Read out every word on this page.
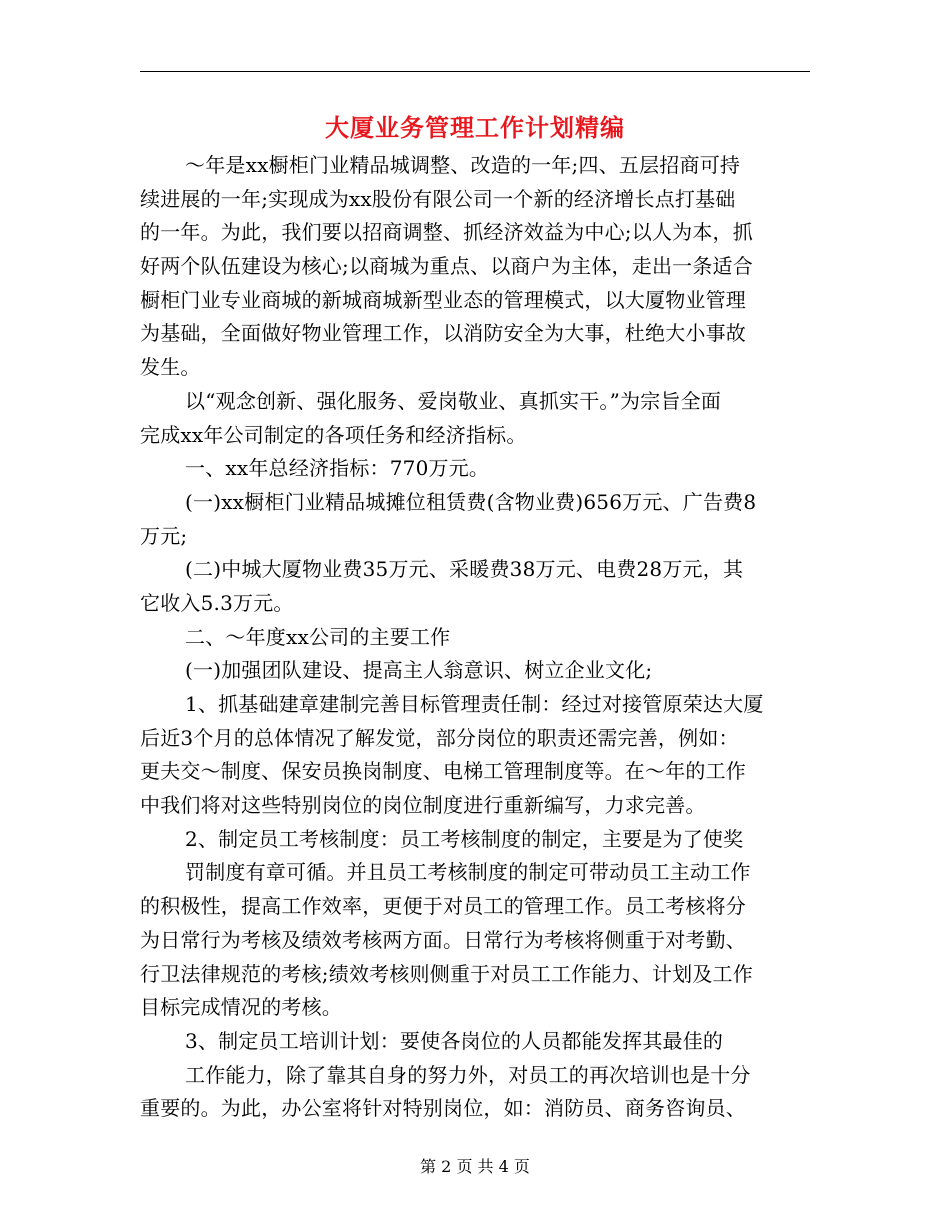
大厦业务管理工作计划精编
～年是xx橱柜门业精品城调整、改造的一年;四、五层招商可持
续进展的一年;实现成为xx股份有限公司一个新的经济增长点打基础
的一年。为此，我们要以招商调整、抓经济效益为中心;以人为本，抓
好两个队伍建设为核心;以商城为重点、以商户为主体，走出一条适合
橱柜门业专业商城的新城商城新型业态的管理模式，以大厦物业管理
为基础，全面做好物业管理工作，以消防安全为大事，杜绝大小事故
发生。
以“观念创新、强化服务、爱岗敬业、真抓实干。”为宗旨全面
完成xx年公司制定的各项任务和经济指标。
一、xx年总经济指标：770万元。
(一)xx橱柜门业精品城摊位租赁费(含物业费)656万元、广告费8
万元;
(二)中城大厦物业费35万元、采暖费38万元、电费28万元，其
它收入5.3万元。
二、～年度xx公司的主要工作
(一)加强团队建设、提高主人翁意识、树立企业文化;
1、抓基础建章建制完善目标管理责任制：经过对接管原荣达大厦
后近3个月的总体情况了解发觉，部分岗位的职责还需完善，例如：
更夫交～制度、保安员换岗制度、电梯工管理制度等。在～年的工作
中我们将对这些特别岗位的岗位制度进行重新编写，力求完善。
2、制定员工考核制度：员工考核制度的制定，主要是为了使奖
罚制度有章可循。并且员工考核制度的制定可带动员工主动工作
的积极性，提高工作效率，更便于对员工的管理工作。员工考核将分
为日常行为考核及绩效考核两方面。日常行为考核将侧重于对考勤、
行卫法律规范的考核;绩效考核则侧重于对员工工作能力、计划及工作
目标完成情况的考核。
3、制定员工培训计划：要使各岗位的人员都能发挥其最佳的
工作能力，除了靠其自身的努力外，对员工的再次培训也是十分
重要的。为此，办公室将针对特别岗位，如：消防员、商务咨询员、
第 2 页 共 4 页
